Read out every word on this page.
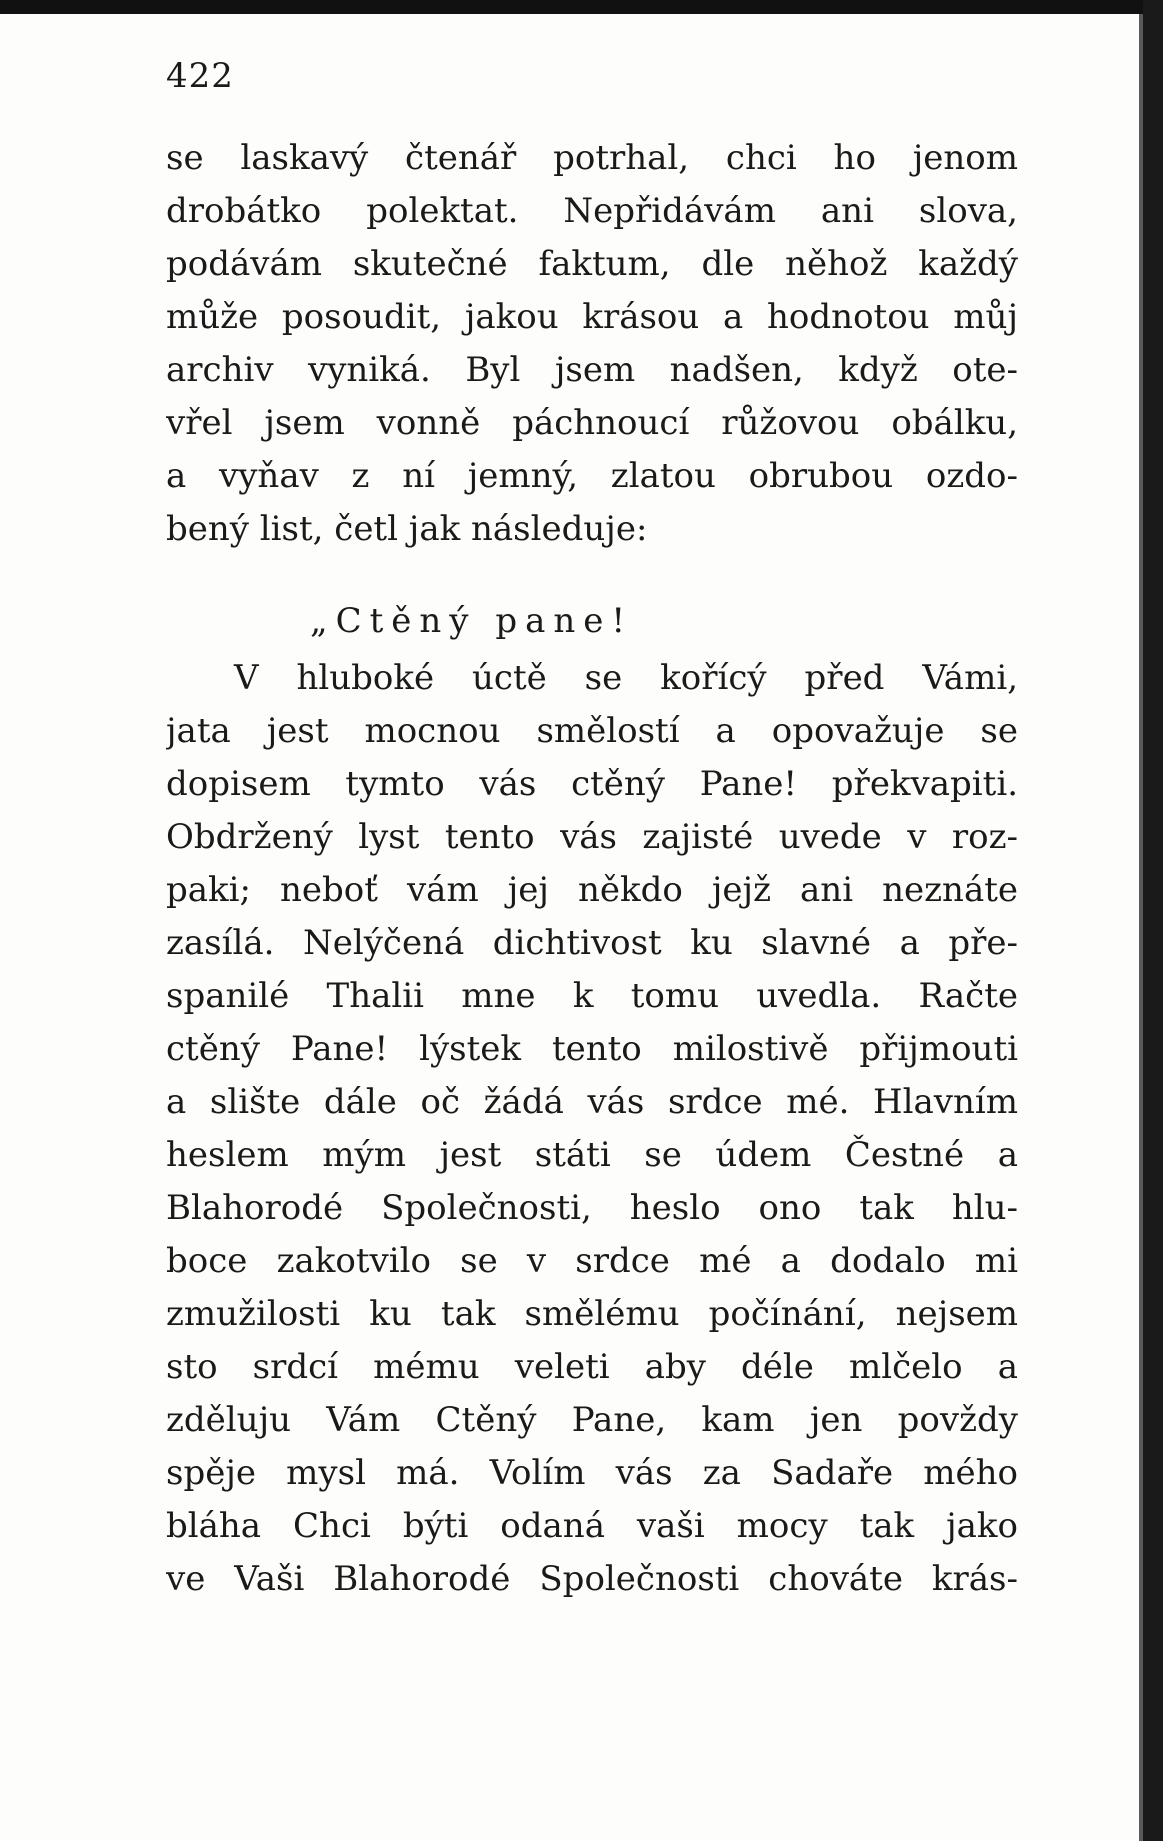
422
se laskavý čtenář potrhal, chci ho jenom
drobátko polektat. Nepřidávám ani slova,
podávám skutečné faktum, dle něhož každý
může posoudit, jakou krásou a hodnotou můj
archiv vyniká. Byl jsem nadšen, když ote-
vřel jsem vonně páchnoucí růžovou obálku,
a vyňav z ní jemný, zlatou obrubou ozdo-
bený list, četl jak následuje:
„Ctěný pane!
V hluboké úctě se kořícý před Vámi,
jata jest mocnou smělostí a opovažuje se
dopisem tymto vás ctěný Pane! překvapiti.
Obdržený lyst tento vás zajisté uvede v roz-
paki; neboť vám jej někdo jejž ani neznáte
zasílá. Nelýčená dichtivost ku slavné a pře-
spanilé Thalii mne k tomu uvedla. Račte
ctěný Pane! lýstek tento milostivě přijmouti
a slište dále oč žádá vás srdce mé. Hlavním
heslem mým jest státi se údem Čestné a
Blahorodé Společnosti, heslo ono tak hlu-
boce zakotvilo se v srdce mé a dodalo mi
zmužilosti ku tak smělému počínání, nejsem
sto srdcí mému veleti aby déle mlčelo a
zděluju Vám Ctěný Pane, kam jen povždy
spěje mysl má. Volím vás za Sadaře mého
bláha Chci býti odaná vaši mocy tak jako
ve Vaši Blahorodé Společnosti chováte krás-
